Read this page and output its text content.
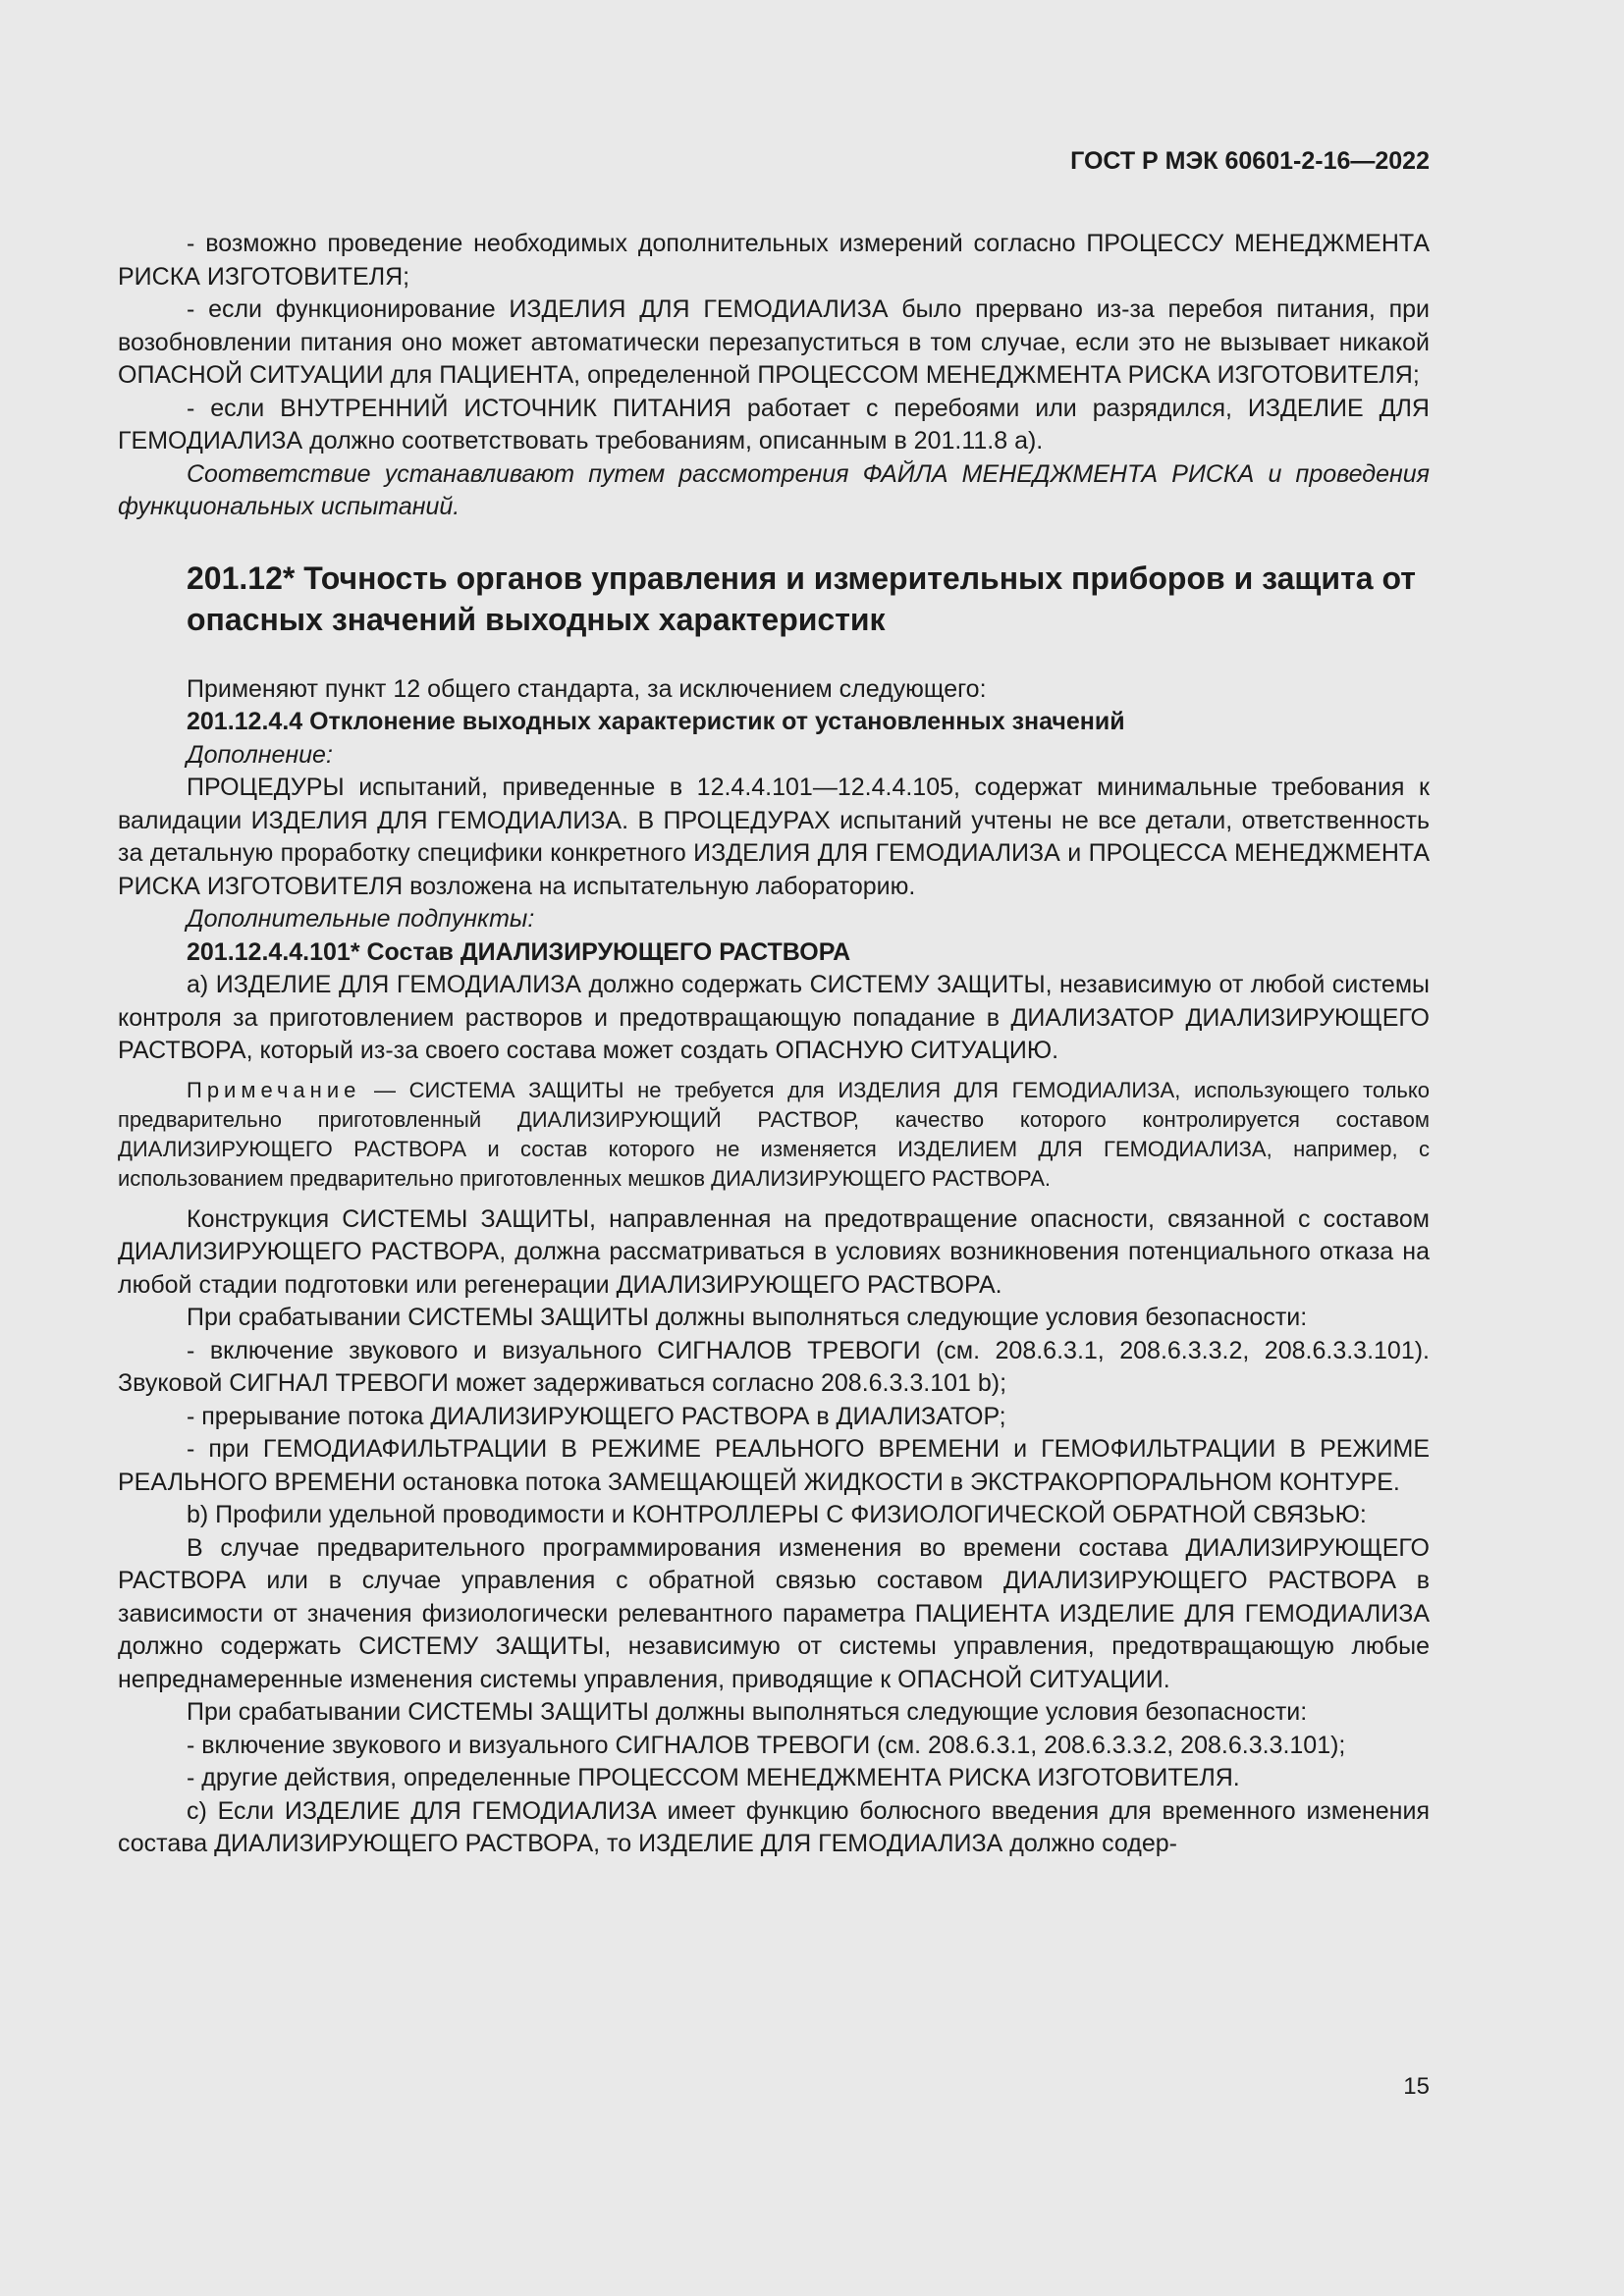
ГОСТ Р МЭК 60601-2-16—2022

- возможно проведение необходимых дополнительных измерений согласно ПРОЦЕССУ МЕНЕДЖМЕНТА РИСКА ИЗГОТОВИТЕЛЯ;

- если функционирование ИЗДЕЛИЯ ДЛЯ ГЕМОДИАЛИЗА было прервано из-за перебоя питания, при возобновлении питания оно может автоматически перезапуститься в том случае, если это не вызывает никакой ОПАСНОЙ СИТУАЦИИ для ПАЦИЕНТА, определенной ПРОЦЕССОМ МЕНЕДЖМЕНТА РИСКА ИЗГОТОВИТЕЛЯ;

- если ВНУТРЕННИЙ ИСТОЧНИК ПИТАНИЯ работает с перебоями или разрядился, ИЗДЕЛИЕ ДЛЯ ГЕМОДИАЛИЗА должно соответствовать требованиям, описанным в 201.11.8 a).

Соответствие устанавливают путем рассмотрения ФАЙЛА МЕНЕДЖМЕНТА РИСКА и проведения функциональных испытаний.

201.12* Точность органов управления и измерительных приборов и защита от опасных значений выходных характеристик

Применяют пункт 12 общего стандарта, за исключением следующего:

201.12.4.4 Отклонение выходных характеристик от установленных значений

Дополнение:

ПРОЦЕДУРЫ испытаний, приведенные в 12.4.4.101—12.4.4.105, содержат минимальные требования к валидации ИЗДЕЛИЯ ДЛЯ ГЕМОДИАЛИЗА. В ПРОЦЕДУРАХ испытаний учтены не все детали, ответственность за детальную проработку специфики конкретного ИЗДЕЛИЯ ДЛЯ ГЕМОДИАЛИЗА и ПРОЦЕССА МЕНЕДЖМЕНТА РИСКА ИЗГОТОВИТЕЛЯ возложена на испытательную лабораторию.

Дополнительные подпункты:

201.12.4.4.101* Состав ДИАЛИЗИРУЮЩЕГО РАСТВОРА

a) ИЗДЕЛИЕ ДЛЯ ГЕМОДИАЛИЗА должно содержать СИСТЕМУ ЗАЩИТЫ, независимую от любой системы контроля за приготовлением растворов и предотвращающую попадание в ДИАЛИЗАТОР ДИАЛИЗИРУЮЩЕГО РАСТВОРА, который из-за своего состава может создать ОПАСНУЮ СИТУАЦИЮ.

Примечание — СИСТЕМА ЗАЩИТЫ не требуется для ИЗДЕЛИЯ ДЛЯ ГЕМОДИАЛИЗА, использующего только предварительно приготовленный ДИАЛИЗИРУЮЩИЙ РАСТВОР, качество которого контролируется составом ДИАЛИЗИРУЮЩЕГО РАСТВОРА и состав которого не изменяется ИЗДЕЛИЕМ ДЛЯ ГЕМОДИАЛИЗА, например, с использованием предварительно приготовленных мешков ДИАЛИЗИРУЮЩЕГО РАСТВОРА.

Конструкция СИСТЕМЫ ЗАЩИТЫ, направленная на предотвращение опасности, связанной с составом ДИАЛИЗИРУЮЩЕГО РАСТВОРА, должна рассматриваться в условиях возникновения потенциального отказа на любой стадии подготовки или регенерации ДИАЛИЗИРУЮЩЕГО РАСТВОРА.

При срабатывании СИСТЕМЫ ЗАЩИТЫ должны выполняться следующие условия безопасности:

- включение звукового и визуального СИГНАЛОВ ТРЕВОГИ (см. 208.6.3.1, 208.6.3.3.2, 208.6.3.3.101). Звуковой СИГНАЛ ТРЕВОГИ может задерживаться согласно 208.6.3.3.101 b);

- прерывание потока ДИАЛИЗИРУЮЩЕГО РАСТВОРА в ДИАЛИЗАТОР;

- при ГЕМОДИАФИЛЬТРАЦИИ В РЕЖИМЕ РЕАЛЬНОГО ВРЕМЕНИ и ГЕМОФИЛЬТРАЦИИ В РЕЖИМЕ РЕАЛЬНОГО ВРЕМЕНИ остановка потока ЗАМЕЩАЮЩЕЙ ЖИДКОСТИ в ЭКСТРАКОРПОРАЛЬНОМ КОНТУРЕ.

b) Профили удельной проводимости и КОНТРОЛЛЕРЫ С ФИЗИОЛОГИЧЕСКОЙ ОБРАТНОЙ СВЯЗЬЮ:

В случае предварительного программирования изменения во времени состава ДИАЛИЗИРУЮЩЕГО РАСТВОРА или в случае управления с обратной связью составом ДИАЛИЗИРУЮЩЕГО РАСТВОРА в зависимости от значения физиологически релевантного параметра ПАЦИЕНТА ИЗДЕЛИЕ ДЛЯ ГЕМОДИАЛИЗА должно содержать СИСТЕМУ ЗАЩИТЫ, независимую от системы управления, предотвращающую любые непреднамеренные изменения системы управления, приводящие к ОПАСНОЙ СИТУАЦИИ.

При срабатывании СИСТЕМЫ ЗАЩИТЫ должны выполняться следующие условия безопасности:

- включение звукового и визуального СИГНАЛОВ ТРЕВОГИ (см. 208.6.3.1, 208.6.3.3.2, 208.6.3.3.101);

- другие действия, определенные ПРОЦЕССОМ МЕНЕДЖМЕНТА РИСКА ИЗГОТОВИТЕЛЯ.

c) Если ИЗДЕЛИЕ ДЛЯ ГЕМОДИАЛИЗА имеет функцию болюсного введения для временного изменения состава ДИАЛИЗИРУЮЩЕГО РАСТВОРА, то ИЗДЕЛИЕ ДЛЯ ГЕМОДИАЛИЗА должно содер-

15
